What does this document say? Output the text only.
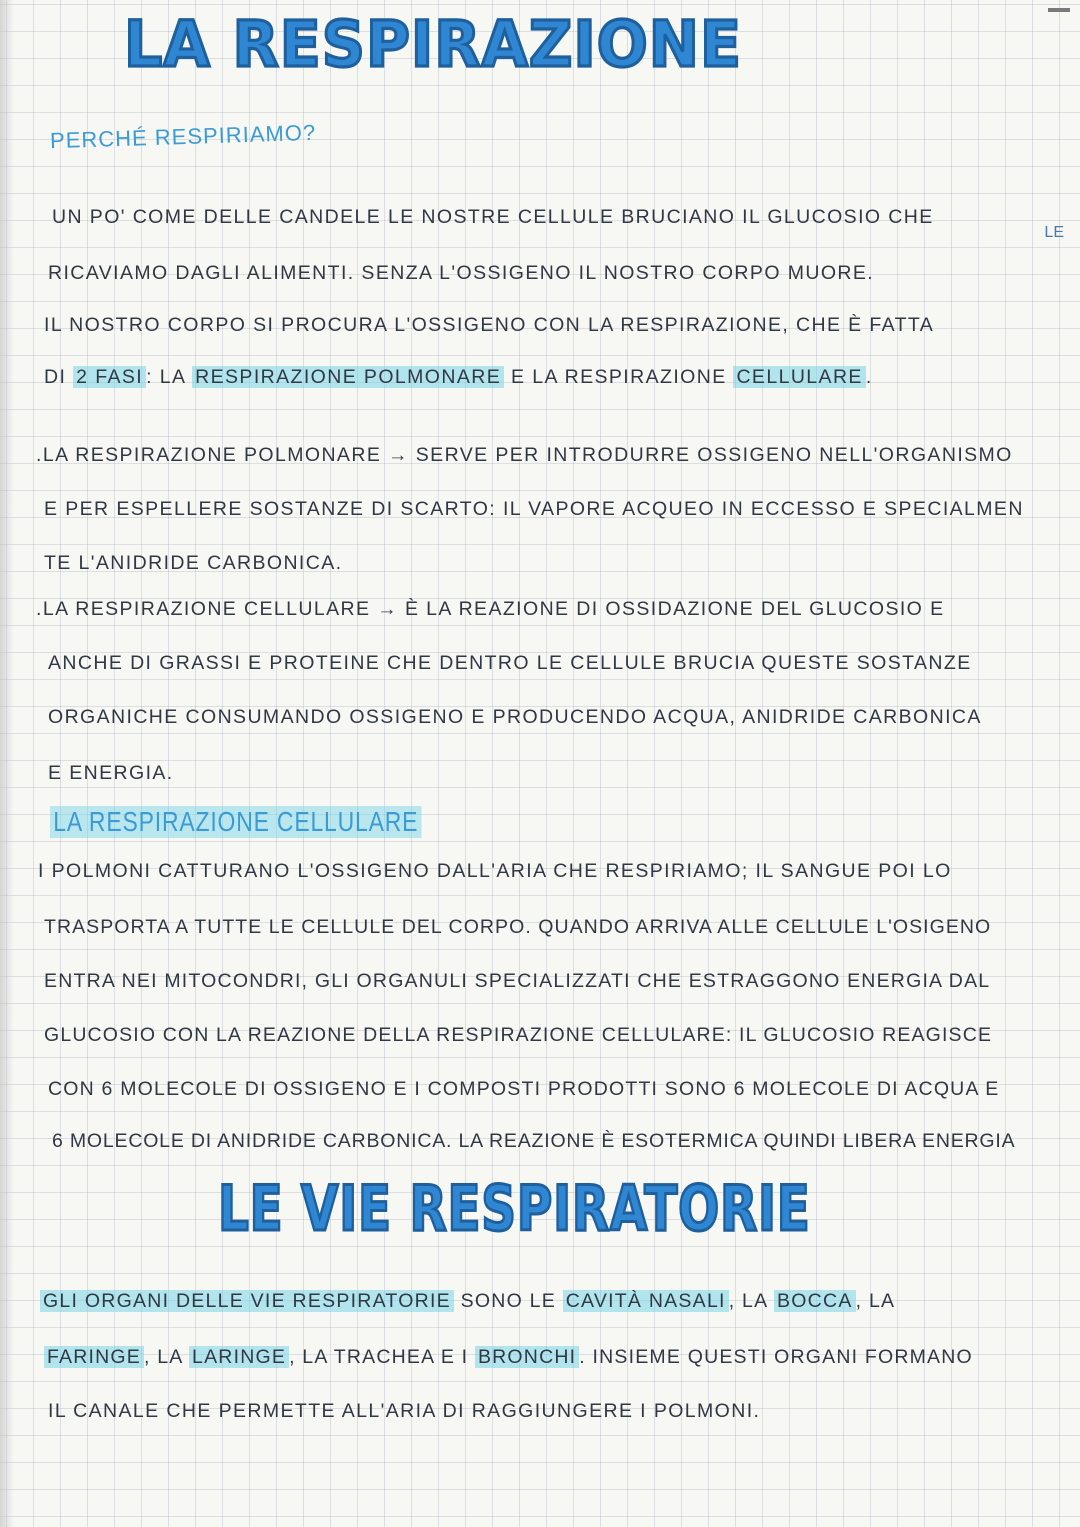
LA RESPIRAZIONE
PERCHÉ RESPIRIAMO?
UN PO' COME DELLE CANDELE LE NOSTRE CELLULE BRUCIANO IL GLUCOSIO CHE
LE
RICAVIAMO DAGLI ALIMENTI. SENZA L'OSSIGENO IL NOSTRO CORPO MUORE.
IL NOSTRO CORPO SI PROCURA L'OSSIGENO CON LA RESPIRAZIONE, CHE È FATTA
DI 2 FASI : LA RESPIRAZIONE POLMONARE E LA RESPIRAZIONE CELLULARE .
.LA RESPIRAZIONE POLMONARE → SERVE PER INTRODURRE OSSIGENO NELL'ORGANISMO
E PER ESPELLERE SOSTANZE DI SCARTO: IL VAPORE ACQUEO IN ECCESSO E SPECIALMEN
TE L'ANIDRIDE CARBONICA.
.LA RESPIRAZIONE CELLULARE → È LA REAZIONE DI OSSIDAZIONE DEL GLUCOSIO E
ANCHE DI GRASSI E PROTEINE CHE DENTRO LE CELLULE BRUCIA QUESTE SOSTANZE
ORGANICHE CONSUMANDO OSSIGENO E PRODUCENDO ACQUA, ANIDRIDE CARBONICA
E ENERGIA.
LA RESPIRAZIONE CELLULARE
I POLMONI CATTURANO L'OSSIGENO DALL'ARIA CHE RESPIRIAMO; IL SANGUE POI LO
TRASPORTA A TUTTE LE CELLULE DEL CORPO. QUANDO ARRIVA ALLE CELLULE L'OSIGENO
ENTRA NEI MITOCONDRI, GLI ORGANULI SPECIALIZZATI CHE ESTRAGGONO ENERGIA DAL
GLUCOSIO CON LA REAZIONE DELLA RESPIRAZIONE CELLULARE: IL GLUCOSIO REAGISCE
CON 6 MOLECOLE DI OSSIGENO E I COMPOSTI PRODOTTI SONO 6 MOLECOLE DI ACQUA E
6 MOLECOLE DI ANIDRIDE CARBONICA. LA REAZIONE È ESOTERMICA QUINDI LIBERA ENERGIA
LE VIE RESPIRATORIE
GLI ORGANI DELLE VIE RESPIRATORIE SONO LE CAVITÀ NASALI , LA BOCCA , LA
FARINGE , LA LARINGE , LA TRACHEA E I BRONCHI . INSIEME QUESTI ORGANI FORMANO
IL CANALE CHE PERMETTE ALL'ARIA DI RAGGIUNGERE I POLMONI.
